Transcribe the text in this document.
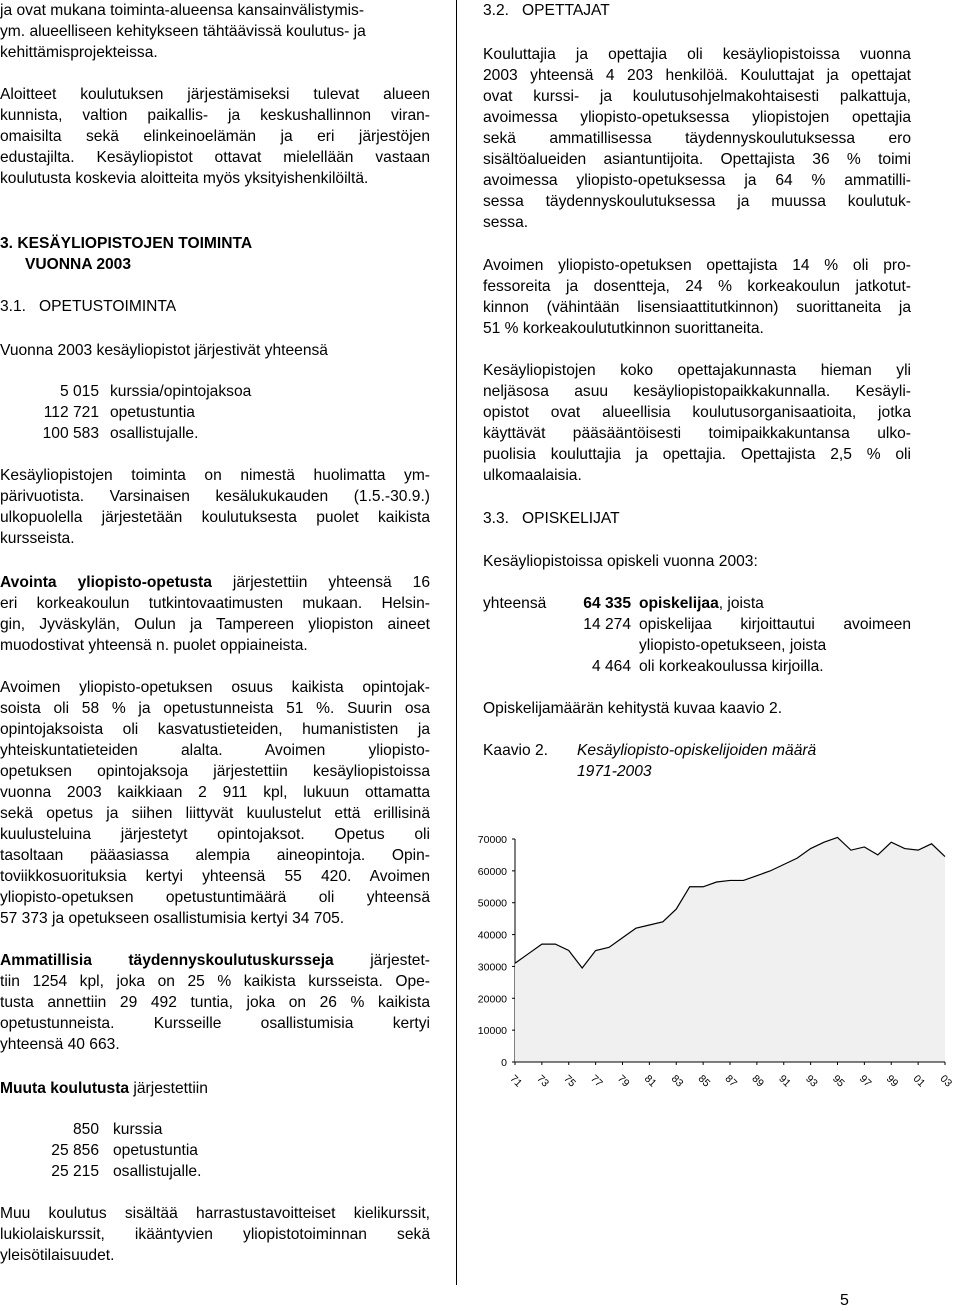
ja ovat mukana toiminta-alueensa kansainvälistymis-

ym. alueelliseen kehitykseen tähtäävissä koulutus- ja

kehittämisprojekteissa.

Aloitteet koulutuksen järjestämiseksi tulevat alueen

kunnista, valtion paikallis- ja keskushallinnon viran-

omaisilta sekä elinkeinoelämän ja eri järjestöjen

edustajilta. Kesäyliopistot ottavat mielellään vastaan

koulutusta koskevia aloitteita myös yksityishenkilöiltä.

3. KESÄYLIOPISTOJEN TOIMINTA

VUONNA 2003

3.1.   OPETUSTOIMINTA

Vuonna 2003 kesäyliopistot järjestivät yhteensä

5 015 kurssia/opintojaksoa
112 721 opetustuntia
100 583 osallistujalle.

Kesäyliopistojen toiminta on nimestä huolimatta ym-

pärivuotista. Varsinaisen kesälukukauden (1.5.-30.9.)

ulkopuolella järjestetään koulutuksesta puolet kaikista

kursseista.

Avointa yliopisto-opetusta järjestettiin yhteensä 16

eri korkeakoulun tutkintovaatimusten mukaan. Helsin-

gin, Jyväskylän, Oulun ja Tampereen yliopiston aineet

muodostivat yhteensä n. puolet oppiaineista.

Avoimen yliopisto-opetuksen osuus kaikista opintojak-

soista oli 58 % ja opetustunneista 51 %. Suurin osa

opintojaksoista oli kasvatustieteiden, humanististen ja

yhteiskuntatieteiden alalta. Avoimen yliopisto-

opetuksen opintojaksoja järjestettiin kesäyliopistoissa

vuonna 2003 kaikkiaan 2 911 kpl, lukuun ottamatta

sekä opetus ja siihen liittyvät kuulustelut että erillisinä

kuulusteluina järjestetyt opintojaksot. Opetus oli

tasoltaan pääasiassa alempia aineopintoja. Opin-

toviikkosuorituksia kertyi yhteensä 55 420. Avoimen

yliopisto-opetuksen opetustuntimäärä oli yhteensä

57 373 ja opetukseen osallistumisia kertyi 34 705.

Ammatillisia täydennyskoulutuskursseja järjestet-

tiin 1254 kpl, joka on 25 % kaikista kursseista. Ope-

tusta annettiin 29 492 tuntia, joka on 26 % kaikista

opetustunneista. Kursseille osallistumisia kertyi

yhteensä 40 663.

Muuta koulutusta järjestettiin

850 kurssia
25 856 opetustuntia
25 215 osallistujalle.

Muu koulutus sisältää harrastustavoitteiset kielikurssit,

lukiolaiskurssit, ikääntyvien yliopistotoiminnan sekä

yleisötilaisuudet.

3.2.   OPETTAJAT

Kouluttajia ja opettajia oli kesäyliopistoissa vuonna

2003 yhteensä 4 203 henkilöä. Kouluttajat ja opettajat

ovat kurssi- ja koulutusohjelmakohtaisesti palkattuja,

avoimessa yliopisto-opetuksessa yliopistojen opettajia

sekä ammatillisessa täydennyskoulutuksessa ero

sisältöalueiden asiantuntijoita. Opettajista 36 % toimi

avoimessa yliopisto-opetuksessa ja 64 % ammatilli-

sessa täydennyskoulutuksessa ja muussa koulutuk-

sessa.

Avoimen yliopisto-opetuksen opettajista 14 % oli pro-

fessoreita ja dosentteja, 24 % korkeakoulun jatkotut-

kinnon (vähintään lisensiaattitutkinnon) suorittaneita ja

51 % korkeakoulututkinnon suorittaneita.

Kesäyliopistojen koko opettajakunnasta hieman yli

neljäsosa asuu kesäyliopistopaikkakunnalla. Kesäyli-

opistot ovat alueellisia koulutusorganisaatioita, jotka

käyttävät pääsääntöisesti toimipaikkakuntansa ulko-

puolisia kouluttajia ja opettajia. Opettajista 2,5 % oli

ulkomaalaisia.

3.3.   OPISKELIJAT

Kesäyliopistoissa opiskeli vuonna 2003:

yhteensä	64 335 opiskelijaa, joista
14 274 opiskelijaa kirjoittautui avoimeen
yliopisto-opetukseen, joista
4 464 oli korkeakoulussa kirjoilla.

Opiskelijamäärän kehitystä kuvaa kaavio 2.

Kaavio 2.	Kesäyliopisto-opiskelijoiden määrä
1971-2003
0
10000
20000
30000
40000
50000
60000
70000
71 73 75 77 79 81 83 85 87 89 91 93 95 97 99 01 03
5
